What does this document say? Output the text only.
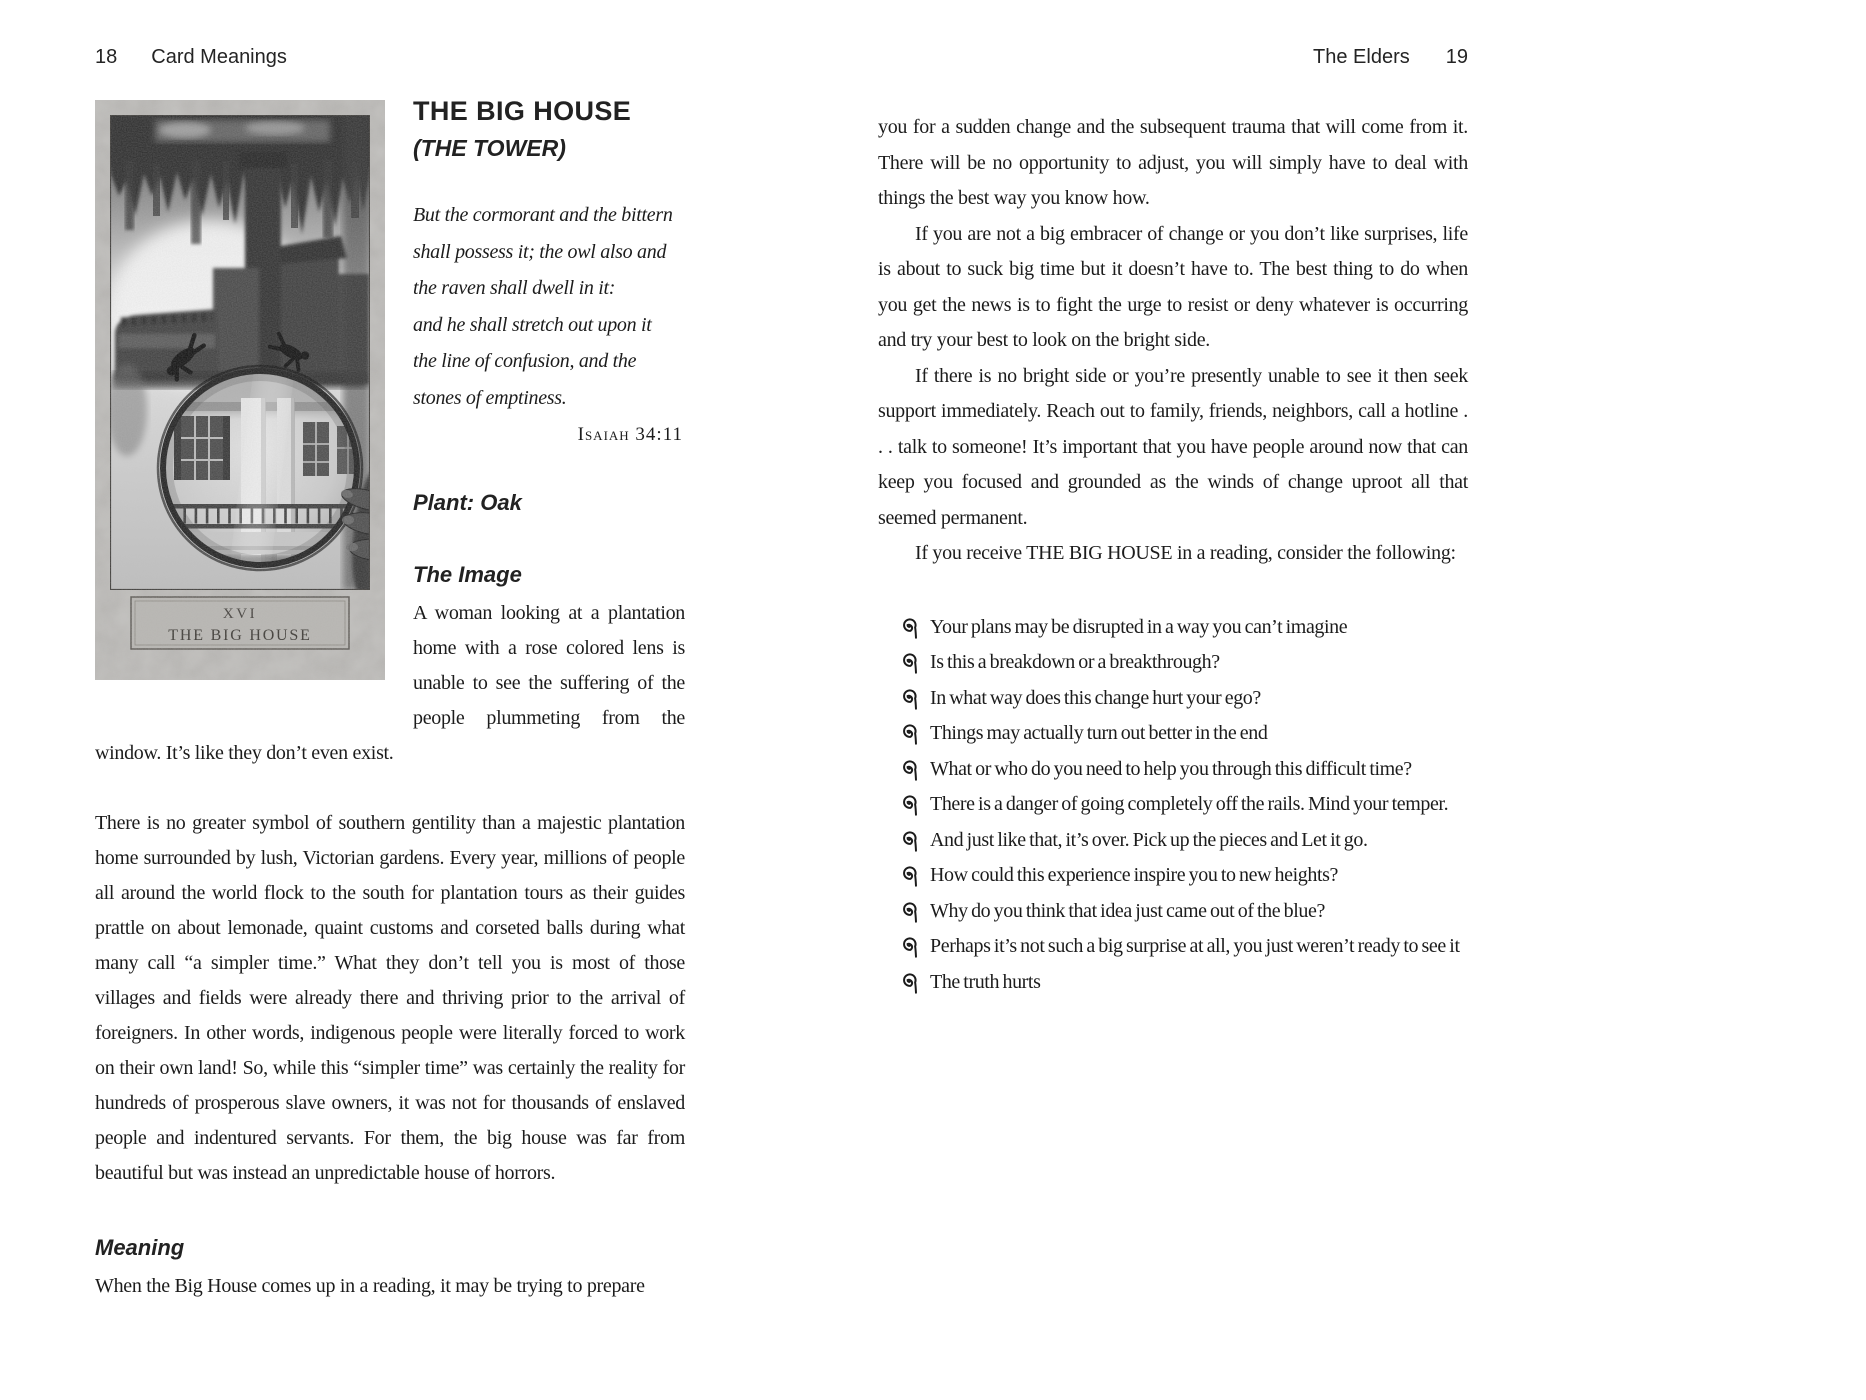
18 Card Meanings	The Elders 19
XVI
THE BIG HOUSE
THE BIG HOUSE
(THE TOWER)
But the cormorant and the bittern
shall possess it; the owl also and
the raven shall dwell in it:
and he shall stretch out upon it
the line of confusion, and the
stones of emptiness.
Isaiah 34:11
Plant: Oak
The Image

A woman looking at a plantation home with a rose colored lens is unable to see the suffering of the people plummeting from the window. It’s like they don’t even exist.

There is no greater symbol of southern gentility than a majestic plantation home surrounded by lush, Victorian gardens. Every year, millions of people all around the world flock to the south for plantation tours as their guides prattle on about lemonade, quaint customs and corseted balls during what many call “a simpler time.” What they don’t tell you is most of those villages and fields were already there and thriving prior to the arrival of foreigners. In other words, indigenous people were literally forced to work on their own land! So, while this “simpler time” was certainly the reality for hundreds of prosperous slave owners, it was not for thousands of enslaved people and indentured servants. For them, the big house was far from beautiful but was instead an unpredictable house of horrors.

Meaning

When the Big House comes up in a reading, it may be trying to prepare

you for a sudden change and the subsequent trauma that will come from it. There will be no opportunity to adjust, you will simply have to deal with things the best way you know how.

If you are not a big embracer of change or you don’t like surprises, life is about to suck big time but it doesn’t have to. The best thing to do when you get the news is to fight the urge to resist or deny whatever is occurring and try your best to look on the bright side.

If there is no bright side or you’re presently unable to see it then seek support immediately. Reach out to family, friends, neighbors, call a hotline . . . talk to someone! It’s important that you have people around now that can keep you focused and grounded as the winds of change uproot all that seemed permanent.

If you receive THE BIG HOUSE in a reading, consider the following:

Your plans may be disrupted in a way you can’t imagine
Is this a breakdown or a breakthrough?
In what way does this change hurt your ego?
Things may actually turn out better in the end
What or who do you need to help you through this difficult time?
There is a danger of going completely off the rails. Mind your temper.
And just like that, it’s over. Pick up the pieces and Let it go.
How could this experience inspire you to new heights?
Why do you think that idea just came out of the blue?
Perhaps it’s not such a big surprise at all, you just weren’t ready to see it
The truth hurts
